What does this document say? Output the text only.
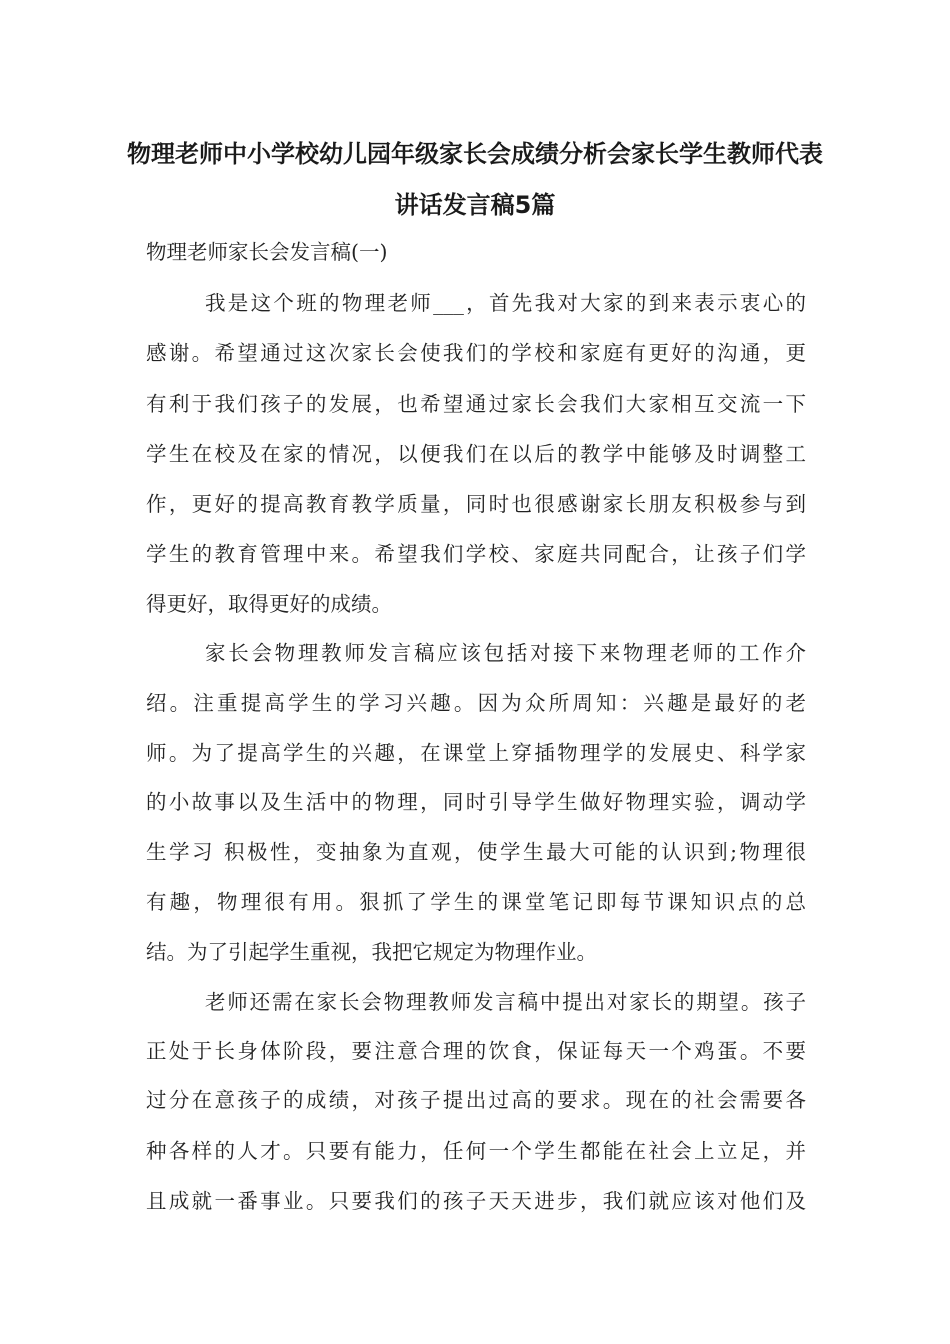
物理老师中小学校幼儿园年级家长会成绩分析会家长学生教师代表
讲话发言稿5篇

物理老师家长会发言稿(一)

我是这个班的物理老师___，首先我对大家的到来表示衷心的

感谢。希望通过这次家长会使我们的学校和家庭有更好的沟通，更

有利于我们孩子的发展，也希望通过家长会我们大家相互交流一下

学生在校及在家的情况，以便我们在以后的教学中能够及时调整工

作，更好的提高教育教学质量，同时也很感谢家长朋友积极参与到

学生的教育管理中来。希望我们学校、家庭共同配合，让孩子们学

得更好，取得更好的成绩。

家长会物理教师发言稿应该包括对接下来物理老师的工作介

绍。注重提高学生的学习兴趣。因为众所周知：兴趣是最好的老

师。为了提高学生的兴趣，在课堂上穿插物理学的发展史、科学家

的小故事以及生活中的物理，同时引导学生做好物理实验，调动学

生学习 积极性，变抽象为直观，使学生最大可能的认识到;物理很

有趣，物理很有用。狠抓了学生的课堂笔记即每节课知识点的总

结。为了引起学生重视，我把它规定为物理作业。

老师还需在家长会物理教师发言稿中提出对家长的期望。孩子

正处于长身体阶段，要注意合理的饮食，保证每天一个鸡蛋。不要

过分在意孩子的成绩，对孩子提出过高的要求。现在的社会需要各

种各样的人才。只要有能力，任何一个学生都能在社会上立足，并

且成就一番事业。只要我们的孩子天天进步，我们就应该对他们及
